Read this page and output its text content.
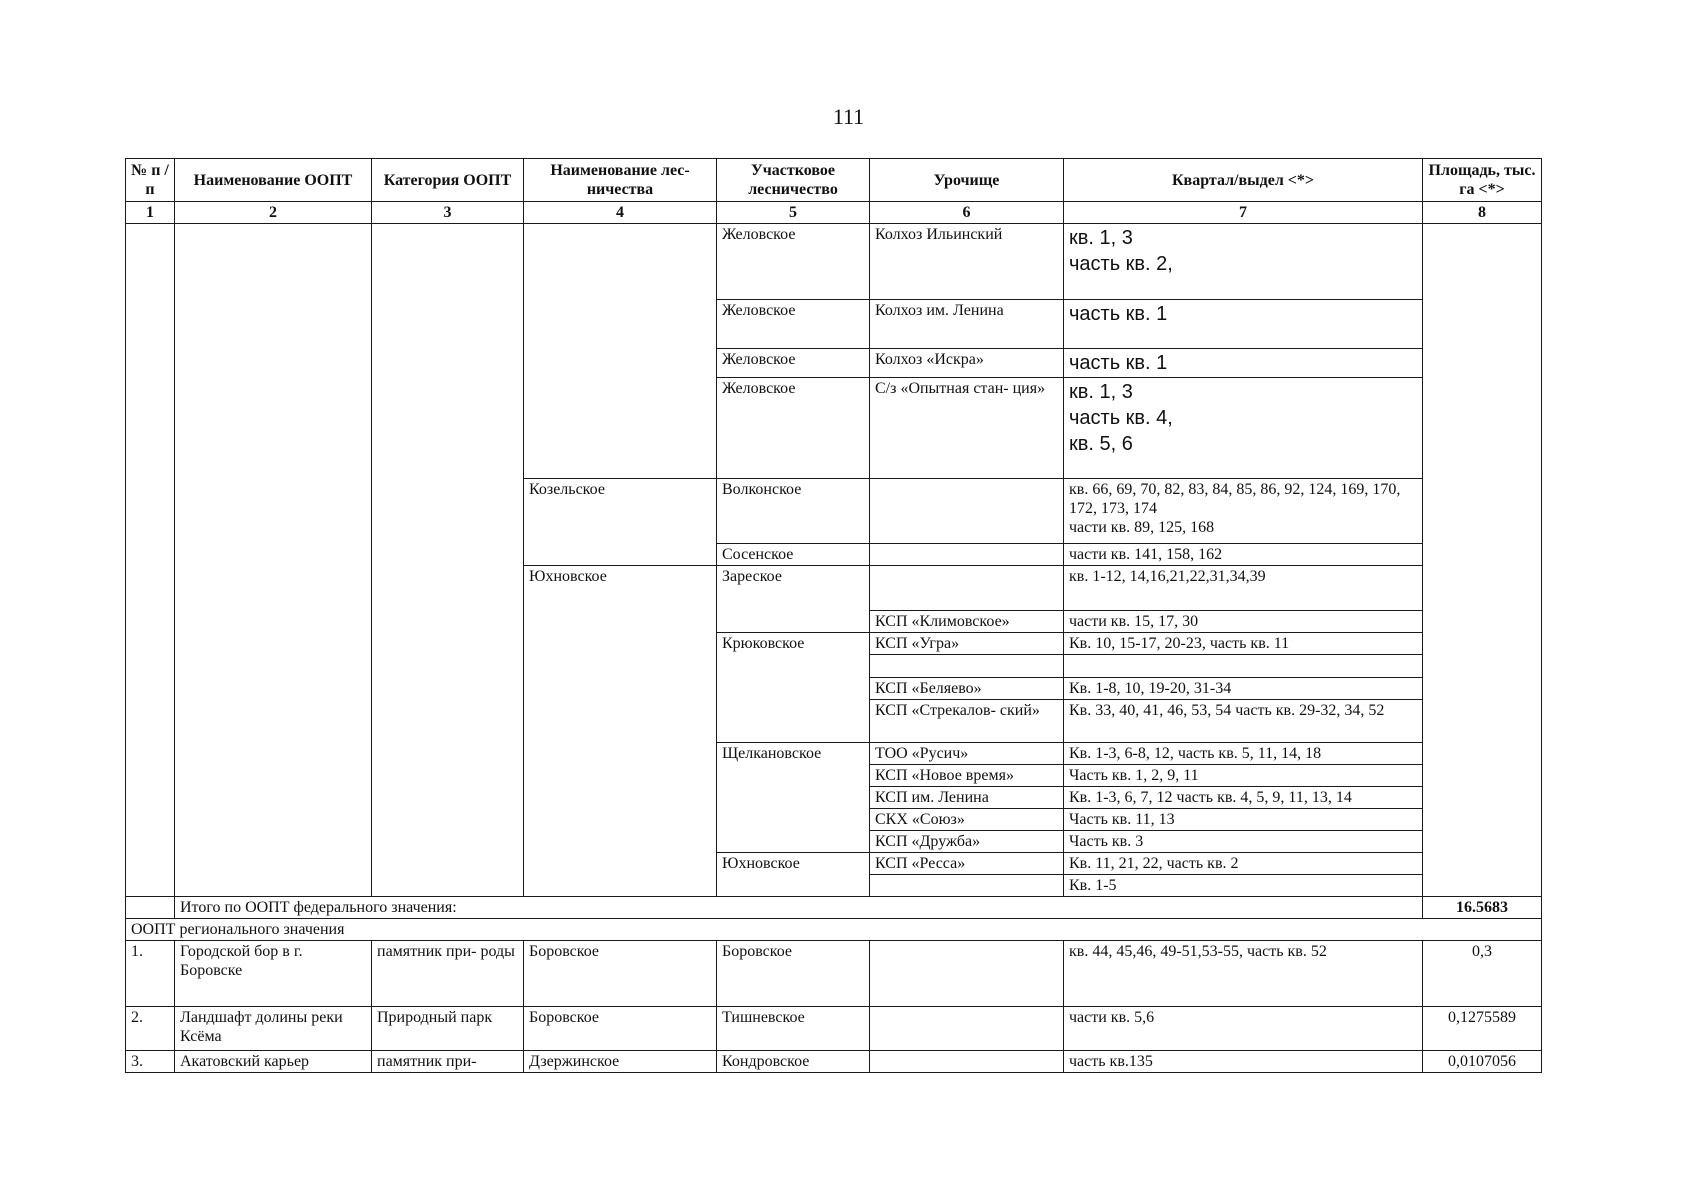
111
№ п /п	Наименование ООПТ	Категория ООПТ	Наименование лес- ничества	Участковое лесничество	Урочище	Квартал/выдел <*>	Площадь, тыс. га <*>
1	2	3	4	5	6	7	8
				Желовское	Колхоз Ильинский	кв. 1, 3
часть кв. 2,	

				Желовское	Колхоз им. Ленина	часть кв. 1	
				Желовское	Колхоз «Искра»	часть кв. 1	
				Желовское	С/з «Опытная стан- ция»	кв. 1, 3
часть кв. 4,
кв. 5, 6	

			Козельское	Волконское		кв. 66, 69, 70, 82, 83, 84, 85, 86, 92, 124, 169, 170, 172, 173, 174
части кв. 89, 125, 168	

				Сосенское		части кв. 141, 158, 162	
			Юхновское	Зареское		кв. 1-12, 14,16,21,22,31,34,39	
					КСП «Климовское»	части кв. 15, 17, 30	
				Крюковское	КСП «Угра»	Кв. 10, 15-17, 20-23, часть кв. 11	

					КСП «Беляево»	Кв. 1-8, 10, 19-20, 31-34	
					КСП «Стрекалов- ский»	Кв. 33, 40, 41, 46, 53, 54 часть кв. 29-32, 34, 52	
				Щелкановское	ТОО «Русич»	Кв. 1-3, 6-8, 12, часть кв. 5, 11, 14, 18	
					КСП «Новое время»	Часть кв. 1, 2, 9, 11	
					КСП им. Ленина	Кв. 1-3, 6, 7, 12 часть кв. 4, 5, 9, 11, 13, 14	
					СКХ «Союз»	Часть кв. 11, 13	
					КСП «Дружба»	Часть кв. 3	
				Юхновское	КСП «Ресса»	Кв. 11, 21, 22, часть кв. 2	
						Кв. 1-5	
	Итого по ООПТ федерального значения:						16.5683
ООПТ регионального значения							
1.	Городской бор в г. Боровске	памятник при- роды	Боровское	Боровское		кв. 44, 45,46, 49-51,53-55, часть кв. 52	0,3
2.	Ландшафт долины реки Ксёма	Природный парк	Боровское	Тишневское		части кв. 5,6	0,1275589
3.	Акатовский карьер	памятник при-	Дзержинское	Кондровское		часть кв.135	0,0107056
